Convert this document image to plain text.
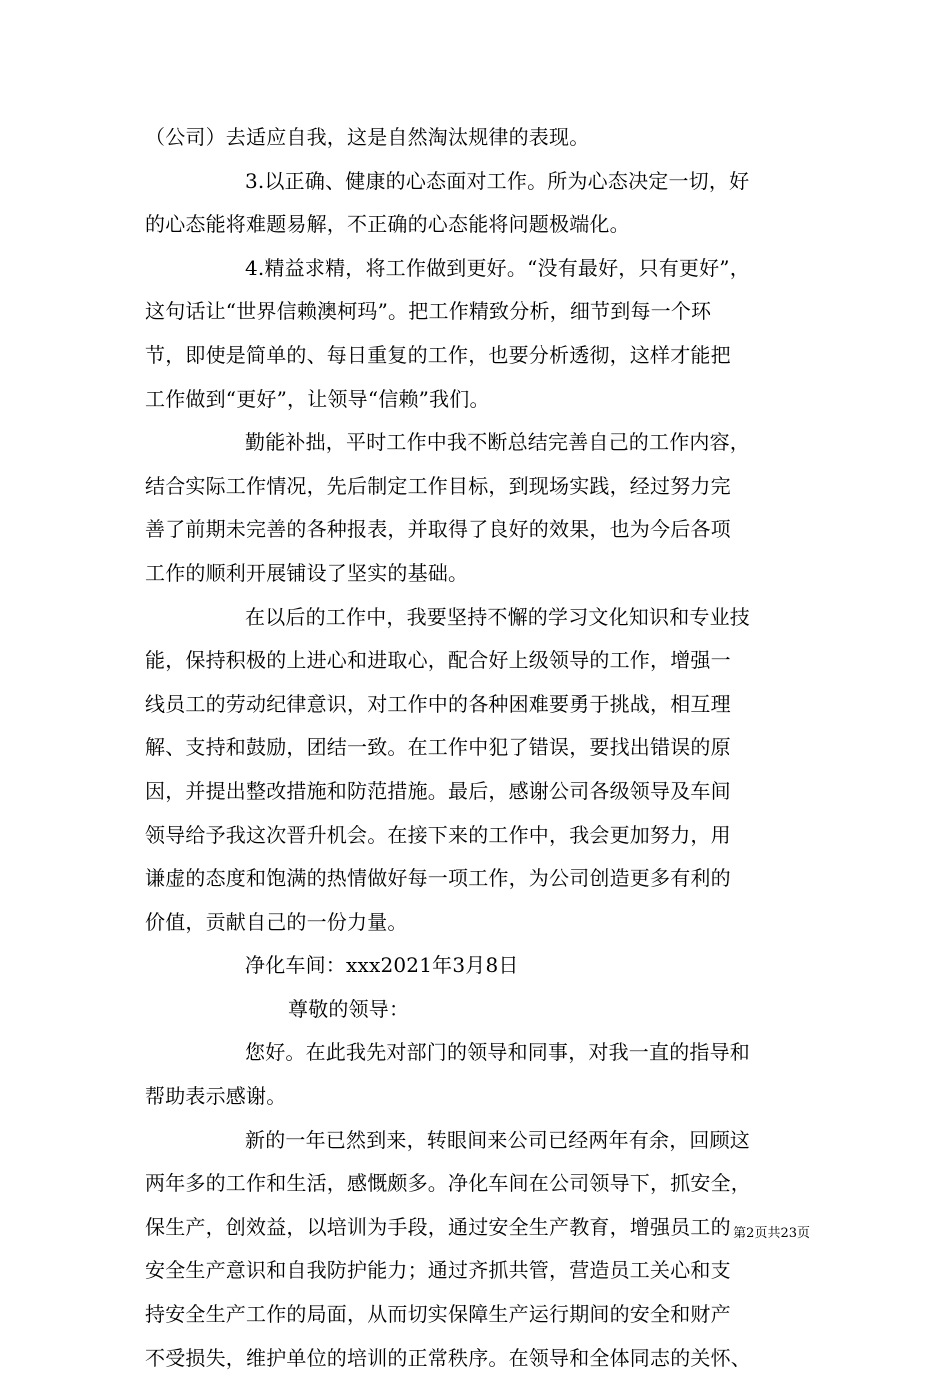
（公司）去适应自我，这是自然淘汰规律的表现。
3.以正确、健康的心态面对工作。所为心态决定一切，好
的心态能将难题易解，不正确的心态能将问题极端化。
4.精益求精，将工作做到更好。“没有最好，只有更好”，
这句话让“世界信赖澳柯玛”。把工作精致分析，细节到每一个环
节，即使是简单的、每日重复的工作，也要分析透彻，这样才能把
工作做到“更好”，让领导“信赖”我们。
勤能补拙，平时工作中我不断总结完善自己的工作内容，
结合实际工作情况，先后制定工作目标，到现场实践，经过努力完
善了前期未完善的各种报表，并取得了良好的效果，也为今后各项
工作的顺利开展铺设了坚实的基础。
在以后的工作中，我要坚持不懈的学习文化知识和专业技
能，保持积极的上进心和进取心，配合好上级领导的工作，增强一
线员工的劳动纪律意识，对工作中的各种困难要勇于挑战，相互理
解、支持和鼓励，团结一致。在工作中犯了错误，要找出错误的原
因，并提出整改措施和防范措施。最后，感谢公司各级领导及车间
领导给予我这次晋升机会。在接下来的工作中，我会更加努力，用
谦虚的态度和饱满的热情做好每一项工作，为公司创造更多有利的
价值，贡献自己的一份力量。
净化车间：xxx2021年3月8日
尊敬的领导：
您好。在此我先对部门的领导和同事，对我一直的指导和
帮助表示感谢。
新的一年已然到来，转眼间来公司已经两年有余，回顾这
两年多的工作和生活，感慨颇多。净化车间在公司领导下，抓安全，
保生产，创效益，以培训为手段，通过安全生产教育，增强员工的
安全生产意识和自我防护能力；通过齐抓共管，营造员工关心和支
持安全生产工作的局面，从而切实保障生产运行期间的安全和财产
不受损失，维护单位的培训的正常秩序。在领导和全体同志的关怀、
第2页共23页
